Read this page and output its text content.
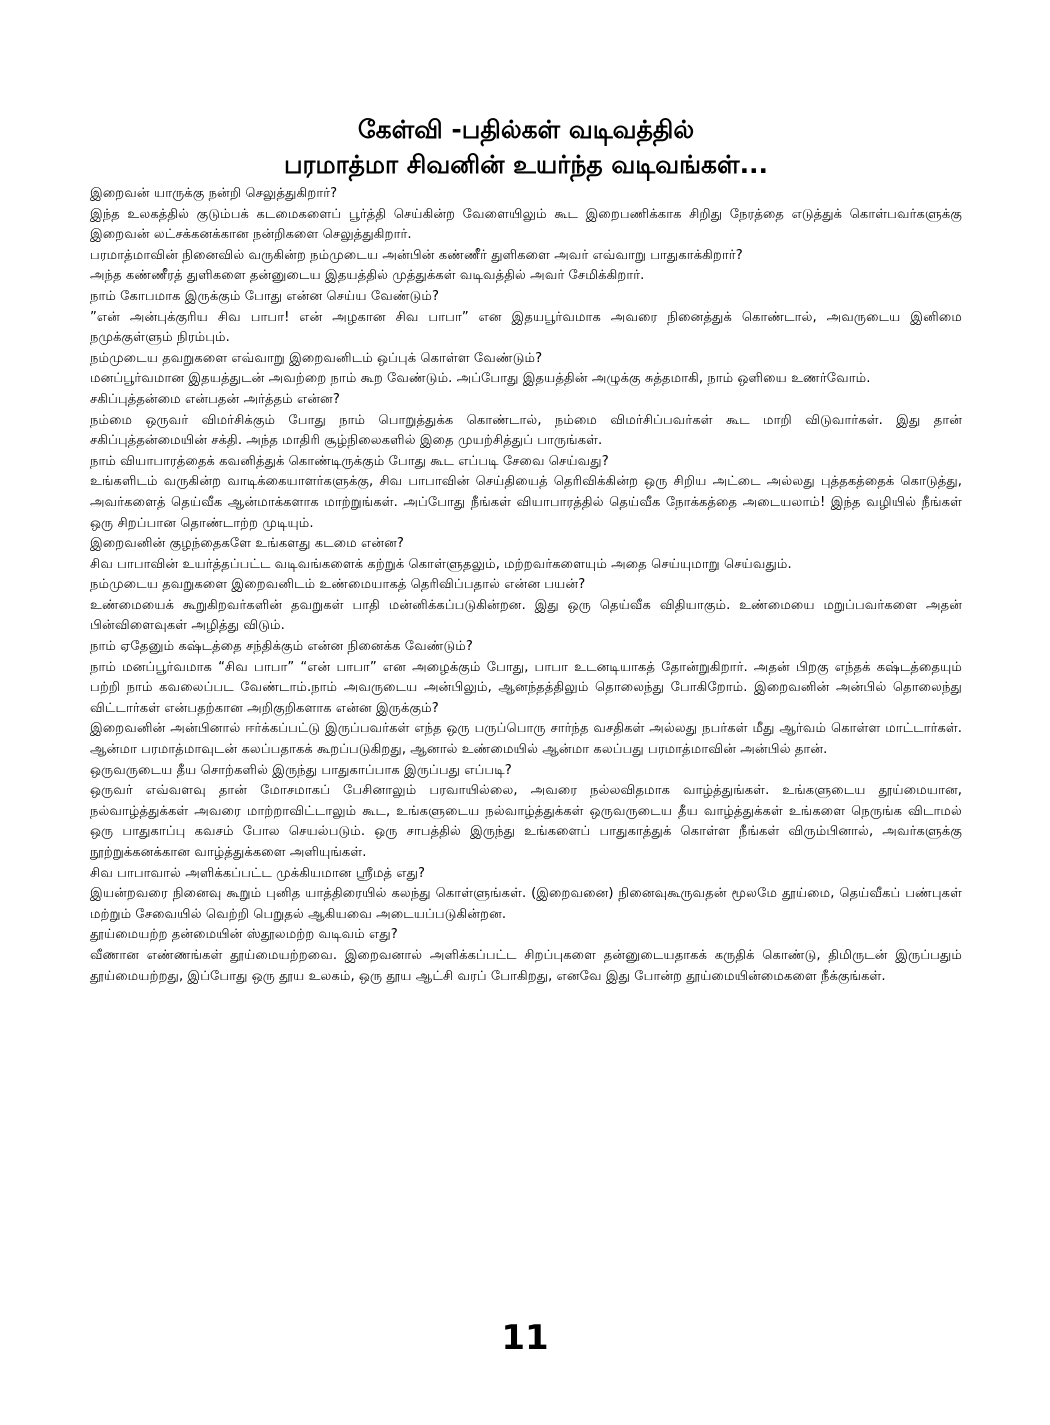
கேள்வி -பதில்கள் வடிவத்தில்
பரமாத்மா சிவனின் உயர்ந்த வடிவங்கள்...

இறைவன் யாருக்கு நன்றி செலுத்துகிறார்?

இந்த உலகத்தில் குடும்பக் கடமைகளைப் பூர்த்தி செய்கின்ற வேளையிலும் கூட இறைபணிக்காக சிறிது நேரத்தை எடுத்துக் கொள்பவர்களுக்கு இறைவன் லட்சக்கனக்கான நன்றிகளை செலுத்துகிறார்.

பரமாத்மாவின் நினைவில் வருகின்ற நம்முடைய அன்பின் கண்ணீர் துளிகளை அவர் எவ்வாறு பாதுகாக்கிறார்?

அந்த கண்ணீரத் துளிகளை தன்னுடைய இதயத்தில் முத்துக்கள் வடிவத்தில் அவர் சேமிக்கிறார்.

நாம் கோபமாக இருக்கும் போது என்ன செய்ய வேண்டும்?

”என் அன்புக்குரிய சிவ பாபா! என் அழகான சிவ பாபா” என இதயபூர்வமாக அவரை நினைத்துக் கொண்டால், அவருடைய இனிமை நமுக்குள்ளும் நிரம்பும்.

நம்முடைய தவறுகளை எவ்வாறு இறைவனிடம் ஒப்புக் கொள்ள வேண்டும்?

மனப்பூர்வமான இதயத்துடன் அவற்றை நாம் கூற வேண்டும். அப்போது இதயத்தின் அழுக்கு சுத்தமாகி, நாம் ஒளியை உணர்வோம்.

சகிப்புத்தன்மை என்பதன் அர்த்தம் என்ன?

நம்மை ஒருவர் விமர்சிக்கும் போது நாம் பொறுத்துக்க கொண்டால், நம்மை விமர்சிப்பவர்கள் கூட மாறி விடுவார்கள். இது தான் சகிப்புத்தன்மையின் சக்தி. அந்த மாதிரி சூழ்நிலைகளில் இதை முயற்சித்துப் பாருங்கள்.

நாம் வியாபாரத்தைக் கவனித்துக் கொண்டிருக்கும் போது கூட எப்படி சேவை செய்வது?

உங்களிடம் வருகின்ற வாடிக்கையாளர்களுக்கு, சிவ பாபாவின் செய்தியைத் தெரிவிக்கின்ற ஒரு சிறிய அட்டை அல்லது புத்தகத்தைக் கொடுத்து, அவர்களைத் தெய்வீக ஆன்மாக்களாக மாற்றுங்கள். அப்போது நீங்கள் வியாபாரத்தில் தெய்வீக நோக்கத்தை அடையலாம்! இந்த வழியில் நீங்கள் ஒரு சிறப்பான தொண்டாற்ற முடியும்.

இறைவனின் குழந்தைகளே உங்களது கடமை என்ன?

சிவ பாபாவின் உயர்த்தப்பட்ட வடிவங்களைக் கற்றுக் கொள்ளுதலும், மற்றவர்களையும் அதை செய்யுமாறு செய்வதும்.

நம்முடைய தவறுகளை இறைவனிடம் உண்மையாகத் தெரிவிப்பதால் என்ன பயன்?

உண்மையைக் கூறுகிறவர்களின் தவறுகள் பாதி மன்னிக்கப்படுகின்றன. இது ஒரு தெய்வீக விதியாகும். உண்மையை மறுப்பவர்களை அதன் பின்விளைவுகள் அழித்து விடும்.

நாம் ஏதேனும் கஷ்டத்தை சந்திக்கும் என்ன நினைக்க வேண்டும்?

நாம் மனப்பூர்வமாக “சிவ பாபா” “என் பாபா” என அழைக்கும் போது, பாபா உடனடியாகத் தோன்றுகிறார். அதன் பிறகு எந்தக் கஷ்டத்தையும் பற்றி நாம் கவலைப்பட வேண்டாம்.நாம் அவருடைய அன்பிலும், ஆனந்தத்திலும் தொலைந்து போகிறோம். இறைவனின் அன்பில் தொலைந்து விட்டார்கள் என்பதற்கான அறிகுறிகளாக என்ன இருக்கும்?

இறைவனின் அன்பினால் ஈர்க்கப்பட்டு இருப்பவர்கள் எந்த ஒரு பருப்பொரு சார்ந்த வசதிகள் அல்லது நபர்கள் மீது ஆர்வம் கொள்ள மாட்டார்கள். ஆன்மா பரமாத்மாவுடன் கலப்பதாகக் கூறப்படுகிறது, ஆனால் உண்மையில் ஆன்மா கலப்பது பரமாத்மாவின் அன்பில் தான்.

ஒருவருடைய தீய சொற்களில் இருந்து பாதுகாப்பாக இருப்பது எப்படி?

ஒருவர் எவ்வளவு தான் மோசமாகப் பேசினாலும் பரவாயில்லை, அவரை நல்லவிதமாக வாழ்த்துங்கள். உங்களுடைய தூய்மையான, நல்வாழ்த்துக்கள் அவரை மாற்றாவிட்டாலும் கூட, உங்களுடைய நல்வாழ்த்துக்கள் ஒருவருடைய தீய வாழ்த்துக்கள் உங்களை நெருங்க விடாமல் ஒரு பாதுகாப்பு கவசம் போல செயல்படும். ஒரு சாபத்தில் இருந்து உங்களைப் பாதுகாத்துக் கொள்ள நீங்கள் விரும்பினால், அவர்களுக்கு நூற்றுக்கனக்கான வாழ்த்துக்களை அளியுங்கள்.

சிவ பாபாவால் அளிக்கப்பட்ட முக்கியமான ஸ்ரீமத் எது?

இயன்றவரை நினைவு கூறும் புனித யாத்திரையில் கலந்து கொள்ளுங்கள். (இறைவனை) நினைவுகூருவதன் மூலமே தூய்மை, தெய்வீகப் பண்புகள் மற்றும் சேவையில் வெற்றி பெறுதல் ஆகியவை அடையப்படுகின்றன.

தூய்மையற்ற தன்மையின் ஸ்தூலமற்ற வடிவம் எது?

வீணான எண்ணங்கள் தூய்மையற்றவை. இறைவனால் அளிக்கப்பட்ட சிறப்புகளை தன்னுடையதாகக் கருதிக் கொண்டு, திமிருடன் இருப்பதும் தூய்மையற்றது, இப்போது ஒரு தூய உலகம், ஒரு தூய ஆட்சி வரப் போகிறது, எனவே இது போன்ற தூய்மையின்மைகளை நீக்குங்கள்.

11
